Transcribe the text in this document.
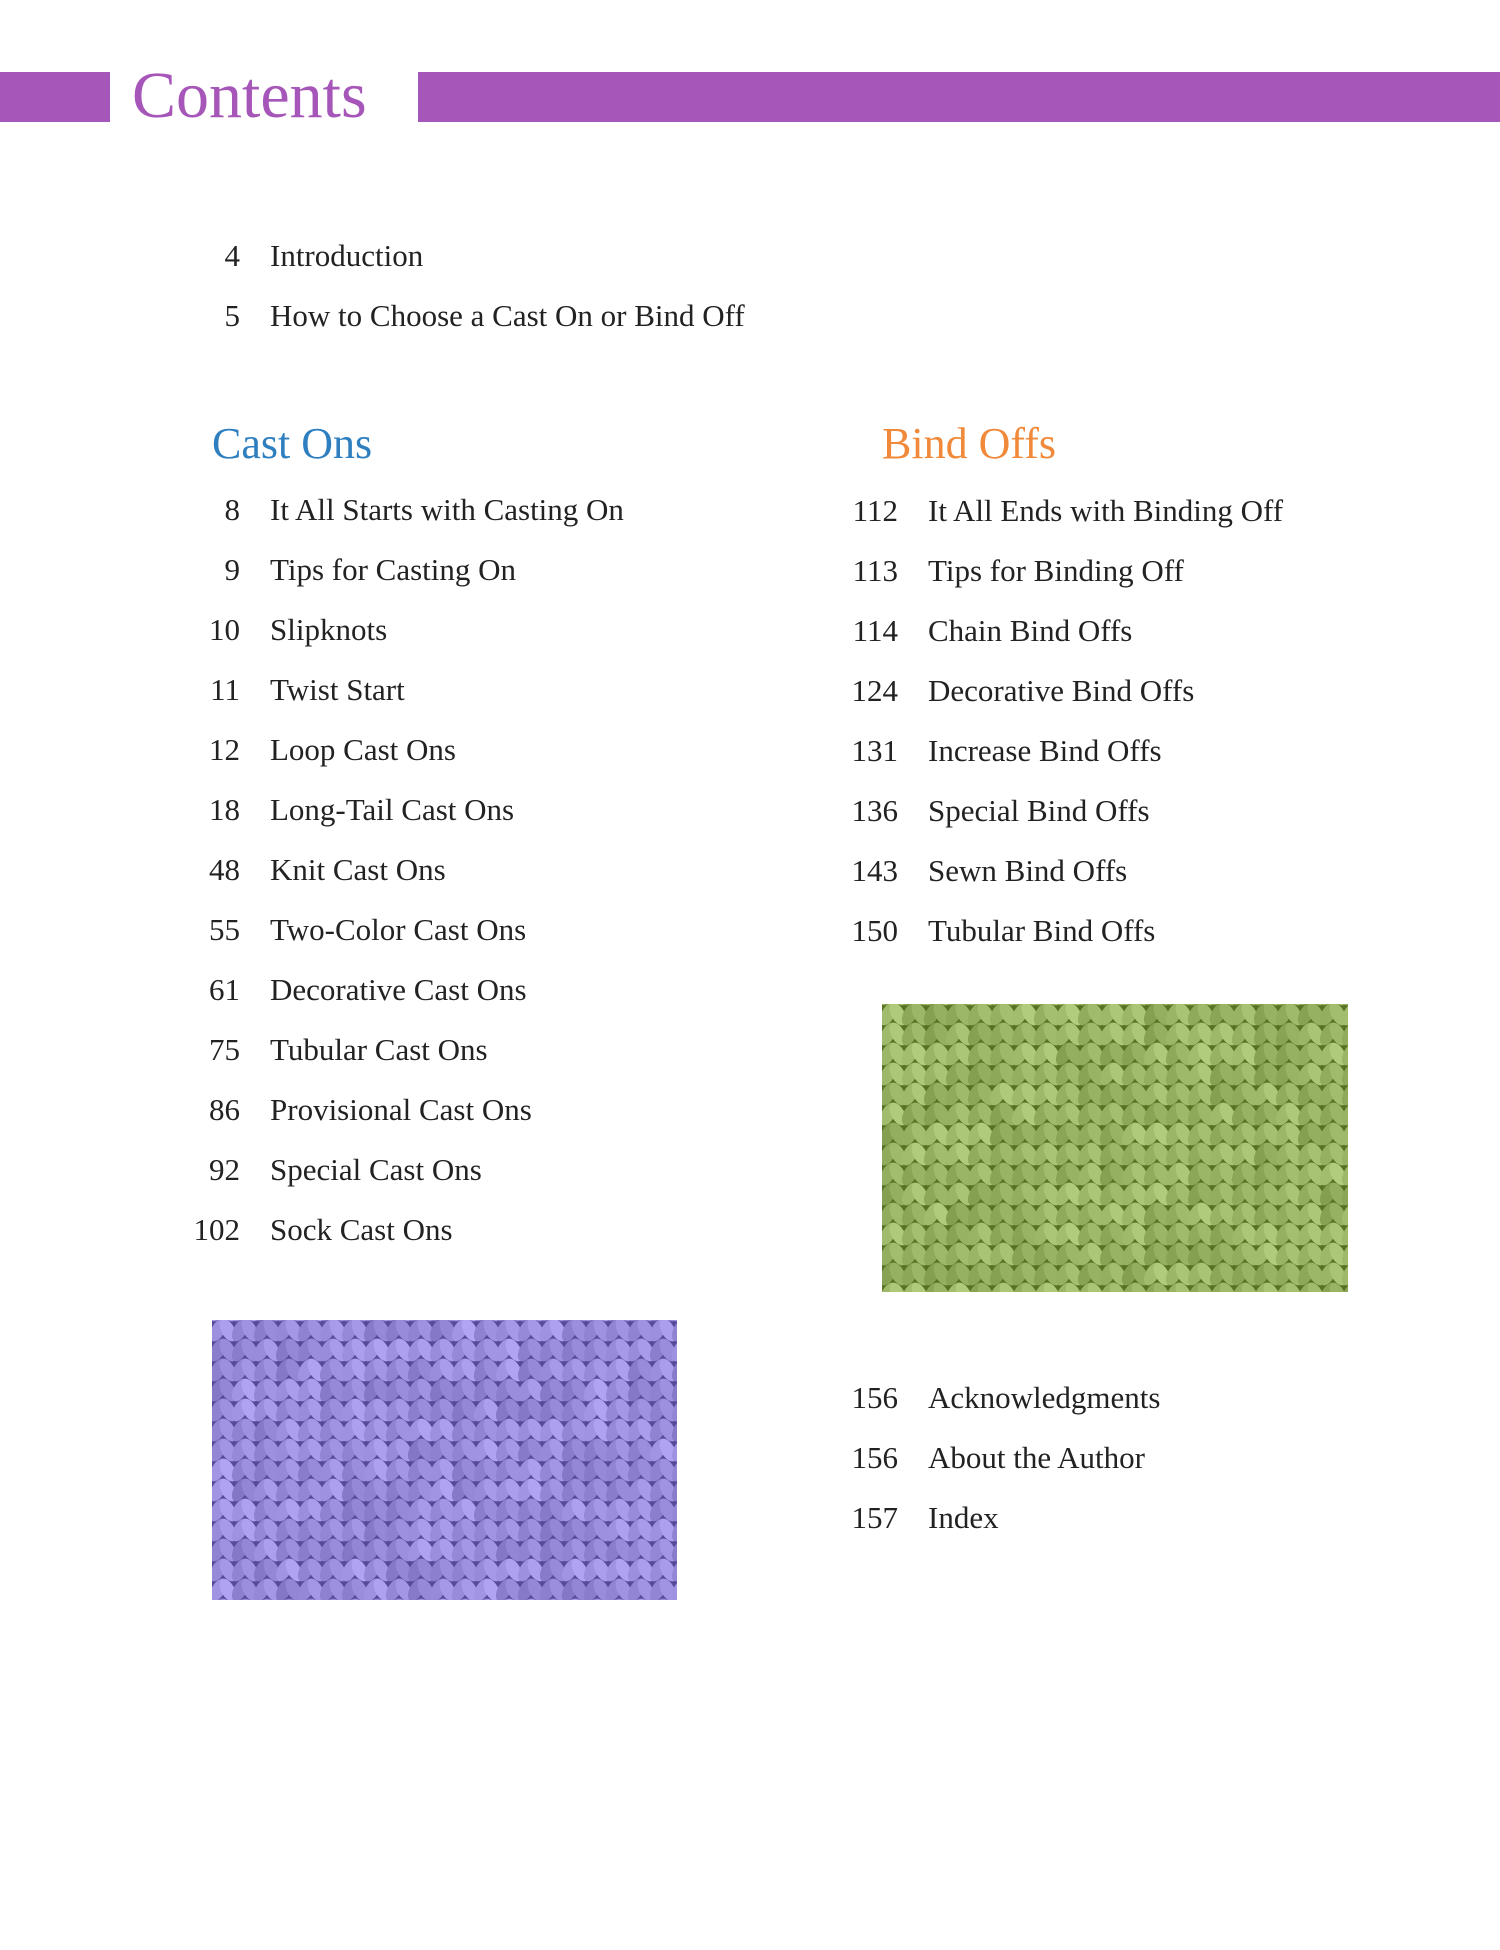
Contents
4 Introduction
5 How to Choose a Cast On or Bind Off
Cast Ons
8 It All Starts with Casting On
9 Tips for Casting On
10 Slipknots
11 Twist Start
12 Loop Cast Ons
18 Long-Tail Cast Ons
48 Knit Cast Ons
55 Two-Color Cast Ons
61 Decorative Cast Ons
75 Tubular Cast Ons
86 Provisional Cast Ons
92 Special Cast Ons
102 Sock Cast Ons
Bind Offs
112 It All Ends with Binding Off
113 Tips for Binding Off
114 Chain Bind Offs
124 Decorative Bind Offs
131 Increase Bind Offs
136 Special Bind Offs
143 Sewn Bind Offs
150 Tubular Bind Offs
156 Acknowledgments
156 About the Author
157 Index
